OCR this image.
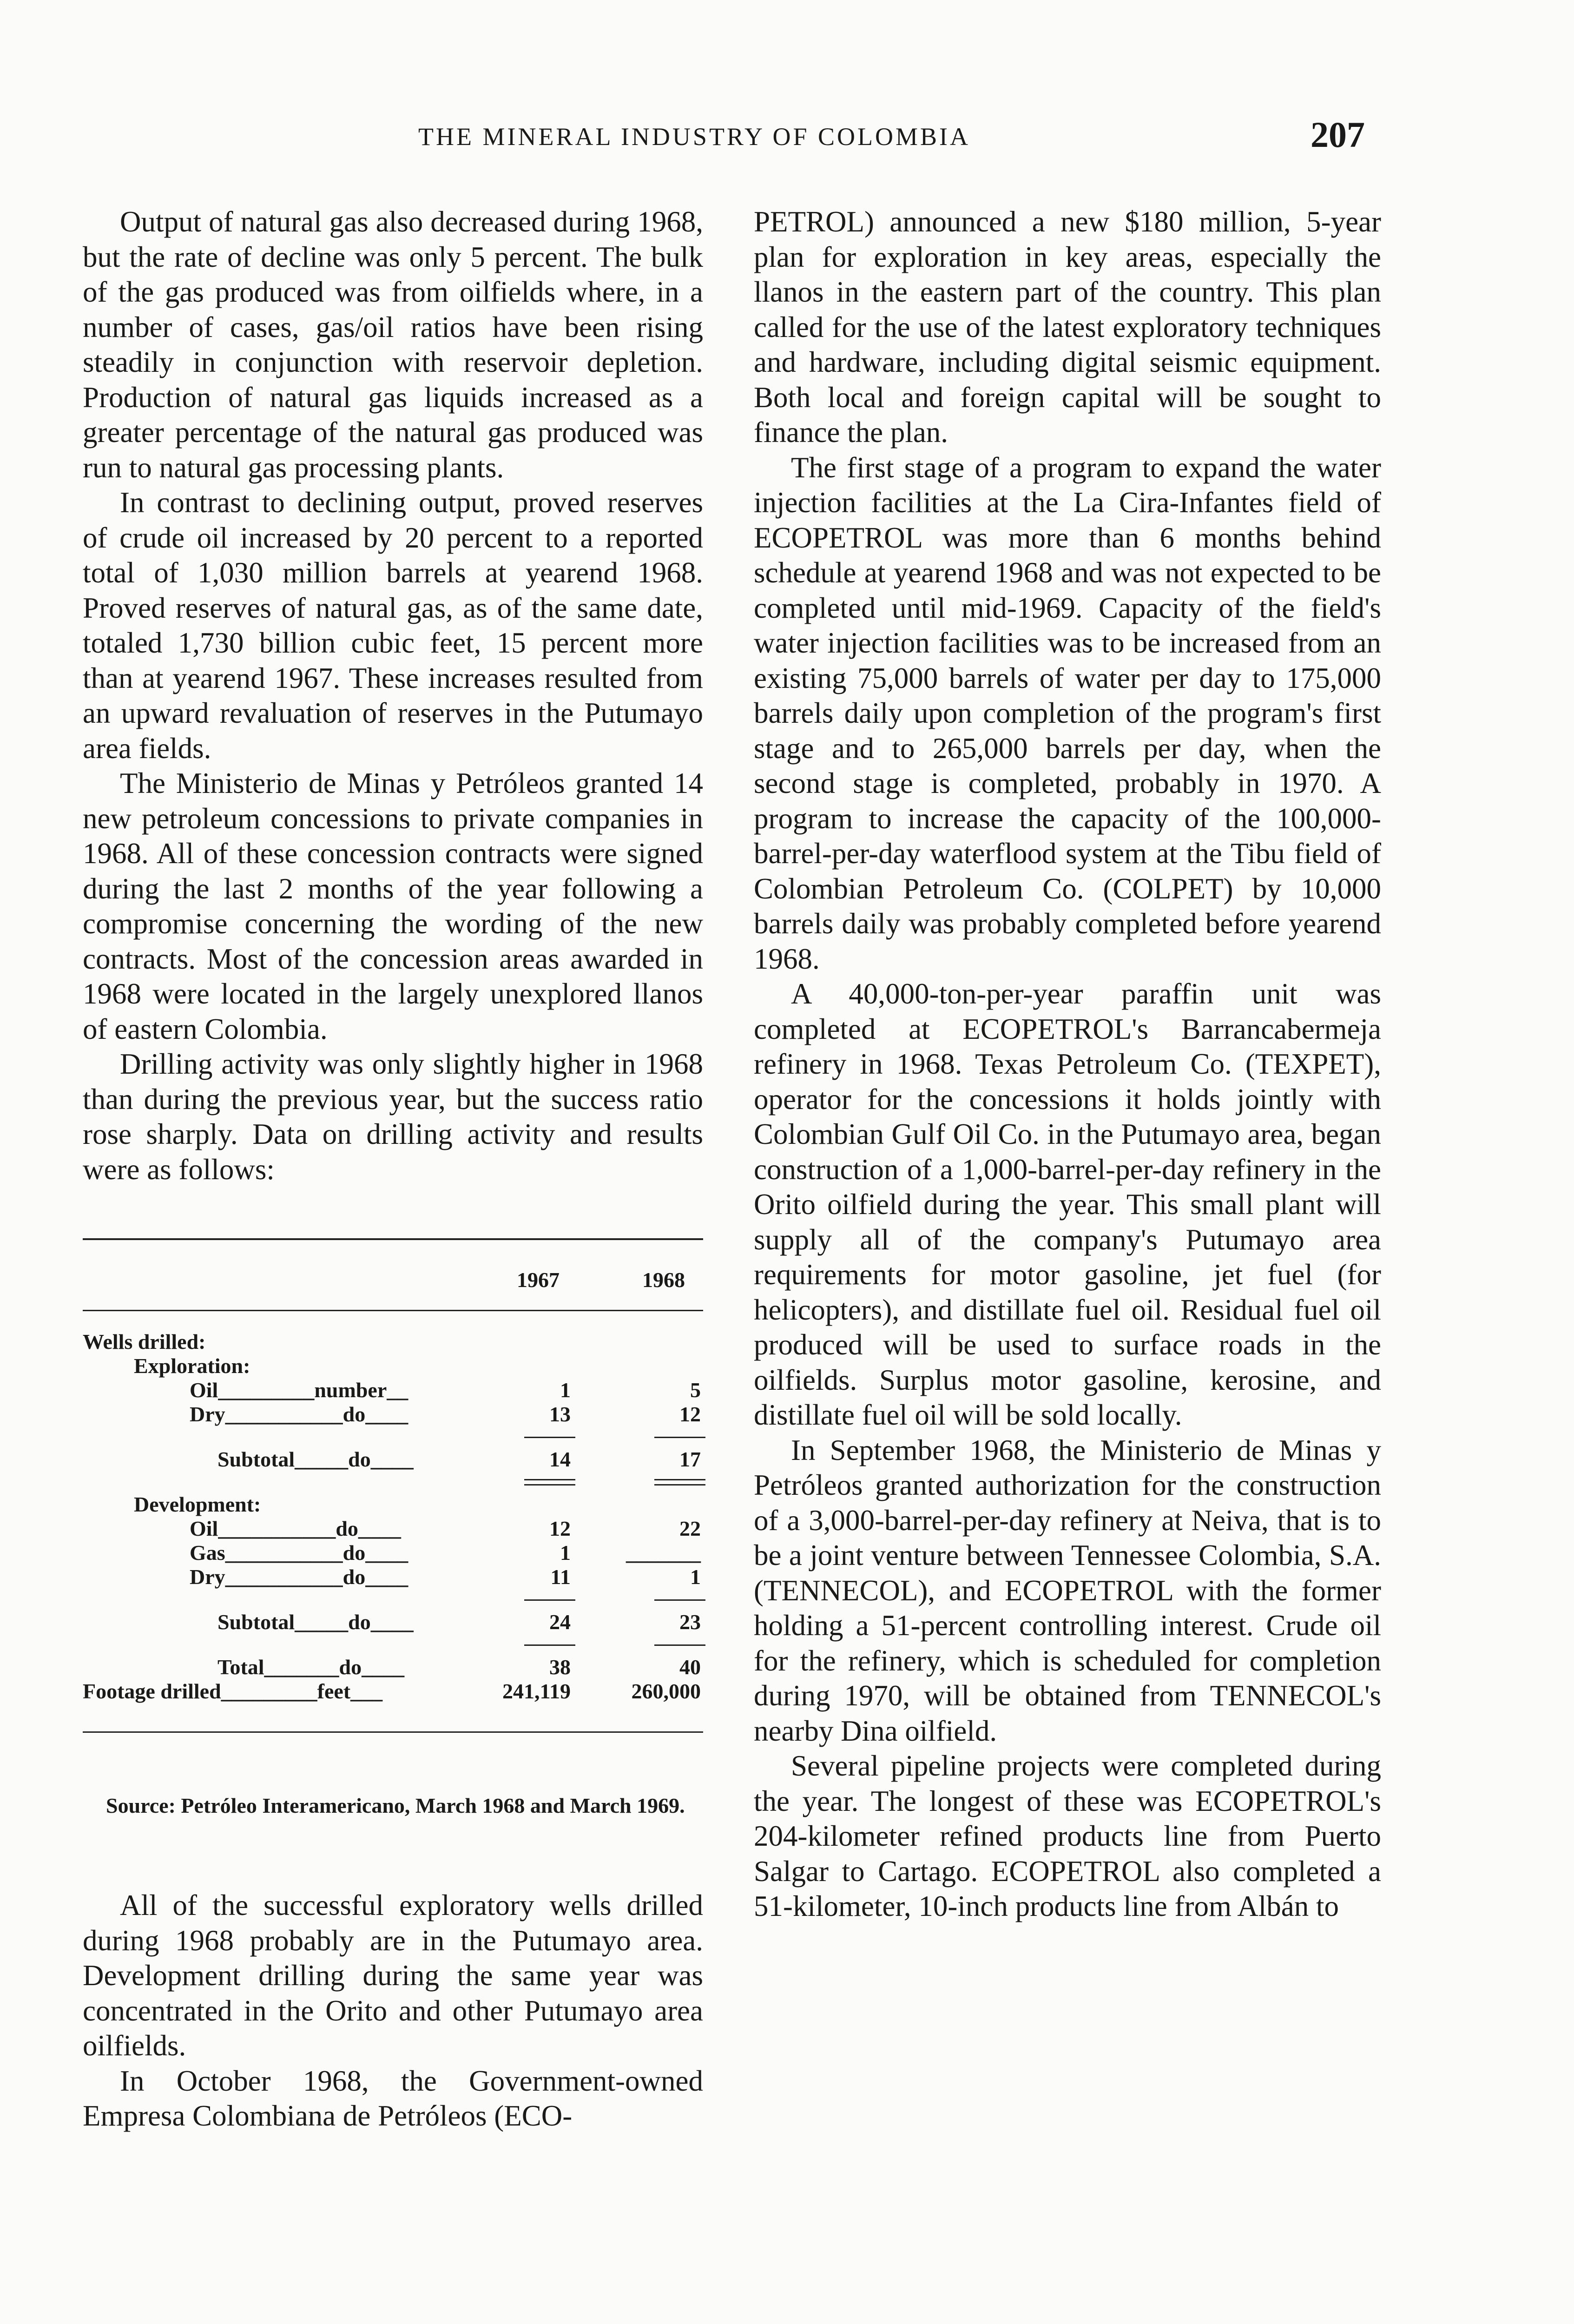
THE MINERAL INDUSTRY OF COLOMBIA	207

Output of natural gas also decreased during 1968, but the rate of decline was only 5 percent. The bulk of the gas produced was from oilfields where, in a number of cases, gas/oil ratios have been rising steadily in conjunction with reservoir depletion. Production of natural gas liquids increased as a greater percentage of the natural gas produced was run to natural gas processing plants.

In contrast to declining output, proved reserves of crude oil increased by 20 percent to a reported total of 1,030 million barrels at yearend 1968. Proved reserves of natural gas, as of the same date, totaled 1,730 billion cubic feet, 15 percent more than at yearend 1967. These increases resulted from an upward revaluation of reserves in the Putumayo area fields.

The Ministerio de Minas y Petróleos granted 14 new petroleum concessions to private companies in 1968. All of these concession contracts were signed during the last 2 months of the year following a compromise concerning the wording of the new contracts. Most of the concession areas awarded in 1968 were located in the largely unexplored llanos of eastern Colombia.

Drilling activity was only slightly higher in 1968 than during the previous year, but the success ratio rose sharply. Data on drilling activity and results were as follows:

1967	1968
Wells drilled:
Exploration:
Oil_________number__	1	5
Dry___________do____	13	12
Subtotal_____do____	14	17
Development:
Oil___________do____	12	22
Gas___________do____	1	_______
Dry___________do____	11	1
Subtotal_____do____	24	23
Total_______do____	38	40
Footage drilled_________feet___	241,119	260,000
Source: Petróleo Interamericano, March 1968 and March 1969.

All of the successful exploratory wells drilled during 1968 probably are in the Putumayo area. Development drilling during the same year was concentrated in the Orito and other Putumayo area oilfields.

In October 1968, the Government-owned Empresa Colombiana de Petróleos (ECO-

PETROL) announced a new $180 million, 5-year plan for exploration in key areas, especially the llanos in the eastern part of the country. This plan called for the use of the latest exploratory techniques and hardware, including digital seismic equipment. Both local and foreign capital will be sought to finance the plan.

The first stage of a program to expand the water injection facilities at the La Cira-Infantes field of ECOPETROL was more than 6 months behind schedule at yearend 1968 and was not expected to be completed until mid-1969. Capacity of the field's water injection facilities was to be increased from an existing 75,000 barrels of water per day to 175,000 barrels daily upon completion of the program's first stage and to 265,000 barrels per day, when the second stage is completed, probably in 1970. A program to increase the capacity of the 100,000-barrel-per-day waterflood system at the Tibu field of Colombian Petroleum Co. (COLPET) by 10,000 barrels daily was probably completed before yearend 1968.

A 40,000-ton-per-year paraffin unit was completed at ECOPETROL's Barrancabermeja refinery in 1968. Texas Petroleum Co. (TEXPET), operator for the concessions it holds jointly with Colombian Gulf Oil Co. in the Putumayo area, began construction of a 1,000-barrel-per-day refinery in the Orito oilfield during the year. This small plant will supply all of the company's Putumayo area requirements for motor gasoline, jet fuel (for helicopters), and distillate fuel oil. Residual fuel oil produced will be used to surface roads in the oilfields. Surplus motor gasoline, kerosine, and distillate fuel oil will be sold locally.

In September 1968, the Ministerio de Minas y Petróleos granted authorization for the construction of a 3,000-barrel-per-day refinery at Neiva, that is to be a joint venture between Tennessee Colombia, S.A. (TENNECOL), and ECOPETROL with the former holding a 51-percent controlling interest. Crude oil for the refinery, which is scheduled for completion during 1970, will be obtained from TENNECOL's nearby Dina oilfield.

Several pipeline projects were completed during the year. The longest of these was ECOPETROL's 204-kilometer refined products line from Puerto Salgar to Cartago. ECOPETROL also completed a 51-kilometer, 10-inch products line from Albán to
